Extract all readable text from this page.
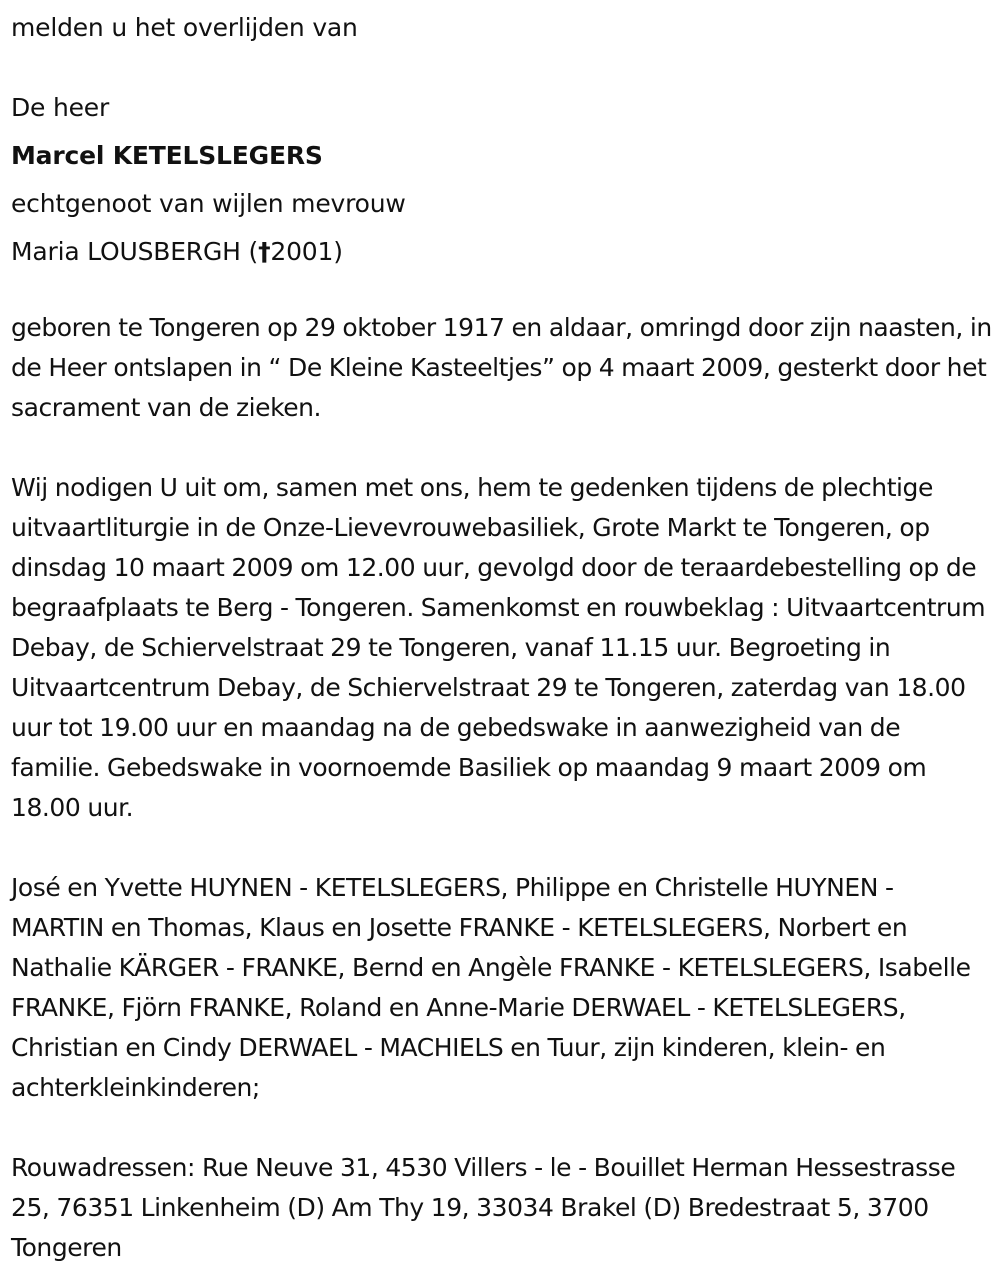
melden u het overlijden van

De heer

Marcel KETELSLEGERS

echtgenoot van wijlen mevrouw

Maria LOUSBERGH (†2001)

geboren te Tongeren op 29 oktober 1917 en aldaar, omringd door zijn naasten, in de Heer ontslapen in “ De Kleine Kasteeltjes” op 4 maart 2009, gesterkt door het sacrament van de zieken.

Wij nodigen U uit om, samen met ons, hem te gedenken tijdens de plechtige uitvaartliturgie in de Onze-Lievevrouwebasiliek, Grote Markt te Tongeren, op dinsdag 10 maart 2009 om 12.00 uur, gevolgd door de teraardebestelling op de begraafplaats te Berg - Tongeren. Samenkomst en rouwbeklag : Uitvaartcentrum Debay, de Schiervelstraat 29 te Tongeren, vanaf 11.15 uur. Begroeting in Uitvaartcentrum Debay, de Schiervelstraat 29 te Tongeren, zaterdag van 18.00 uur tot 19.00 uur en maandag na de gebedswake in aanwezigheid van de familie. Gebedswake in voornoemde Basiliek op maandag 9 maart 2009 om 18.00 uur.

José en Yvette HUYNEN - KETELSLEGERS, Philippe en Christelle HUYNEN - MARTIN en Thomas, Klaus en Josette FRANKE - KETELSLEGERS, Norbert en Nathalie KÄRGER - FRANKE, Bernd en Angèle FRANKE - KETELSLEGERS, Isabelle FRANKE, Fjörn FRANKE, Roland en Anne-Marie DERWAEL - KETELSLEGERS, Christian en Cindy DERWAEL - MACHIELS en Tuur, zijn kinderen, klein- en achterkleinkinderen;

Rouwadressen: Rue Neuve 31, 4530 Villers - le - Bouillet Herman Hessestrasse 25, 76351 Linkenheim (D) Am Thy 19, 33034 Brakel (D) Bredestraat 5, 3700 Tongeren
